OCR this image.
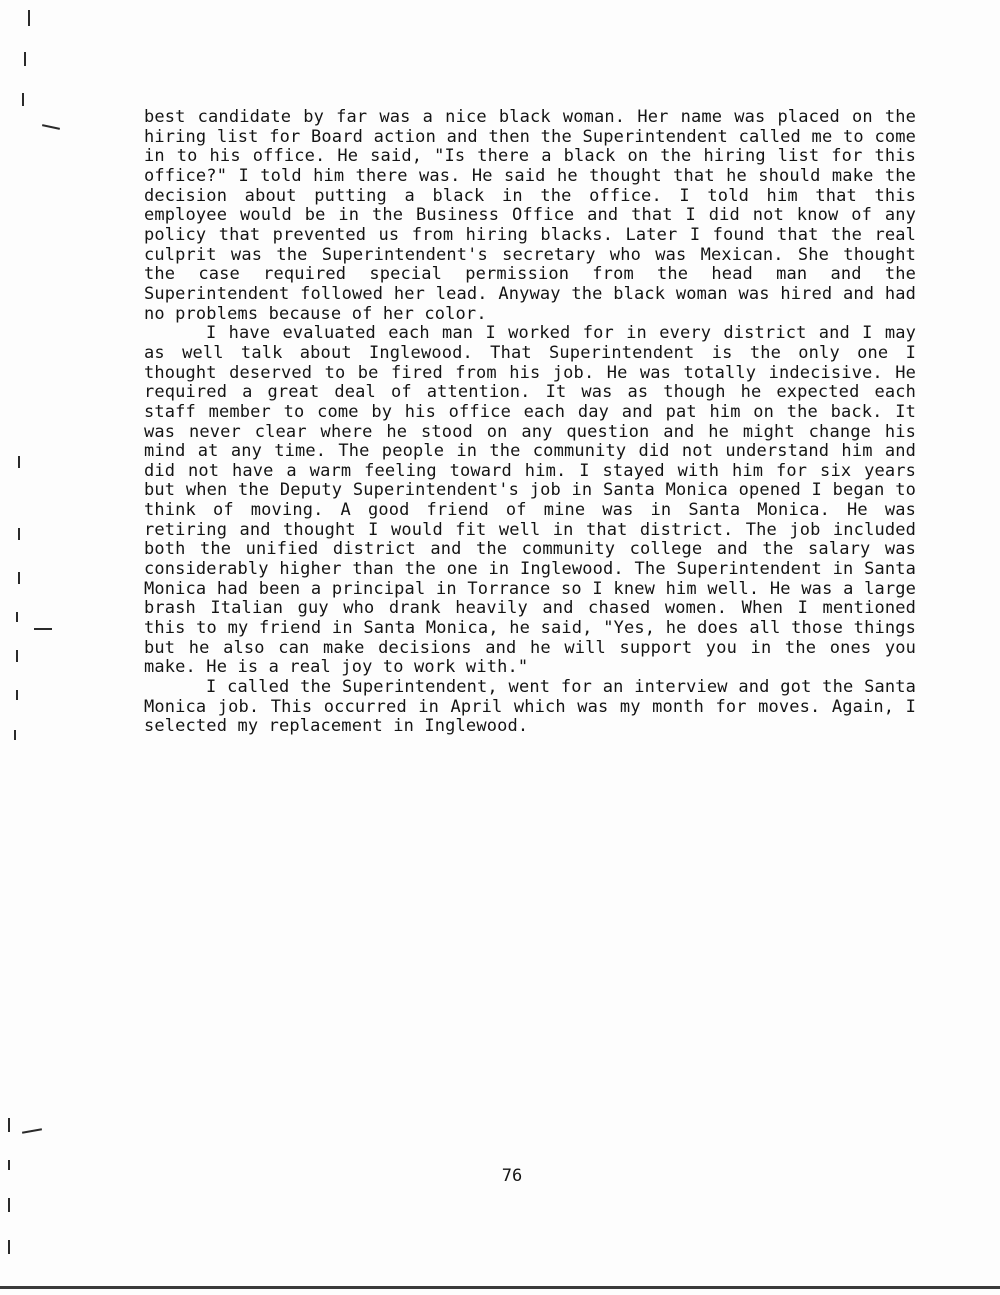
best candidate by far was a nice black woman. Her name was placed on the hiring list for Board action and then the Superintendent called me to come in to his office. He said, "Is there a black on the hiring list for this office?" I told him there was. He said he thought that he should make the decision about putting a black in the office. I told him that this employee would be in the Business Office and that I did not know of any policy that prevented us from hiring blacks. Later I found that the real culprit was the Superintendent's secretary who was Mexican. She thought the case required special permission from the head man and the Superintendent followed her lead. Anyway the black woman was hired and had no problems because of her color.

I have evaluated each man I worked for in every district and I may as well talk about Inglewood. That Superintendent is the only one I thought deserved to be fired from his job. He was totally indecisive. He required a great deal of attention. It was as though he expected each staff member to come by his office each day and pat him on the back. It was never clear where he stood on any question and he might change his mind at any time. The people in the community did not understand him and did not have a warm feeling toward him. I stayed with him for six years but when the Deputy Superintendent's job in Santa Monica opened I began to think of moving. A good friend of mine was in Santa Monica. He was retiring and thought I would fit well in that district. The job included both the unified district and the community college and the salary was considerably higher than the one in Inglewood. The Superintendent in Santa Monica had been a principal in Torrance so I knew him well. He was a large brash Italian guy who drank heavily and chased women. When I mentioned this to my friend in Santa Monica, he said, "Yes, he does all those things but he also can make decisions and he will support you in the ones you make. He is a real joy to work with."

I called the Superintendent, went for an interview and got the Santa Monica job. This occurred in April which was my month for moves. Again, I selected my replacement in Inglewood.

76
